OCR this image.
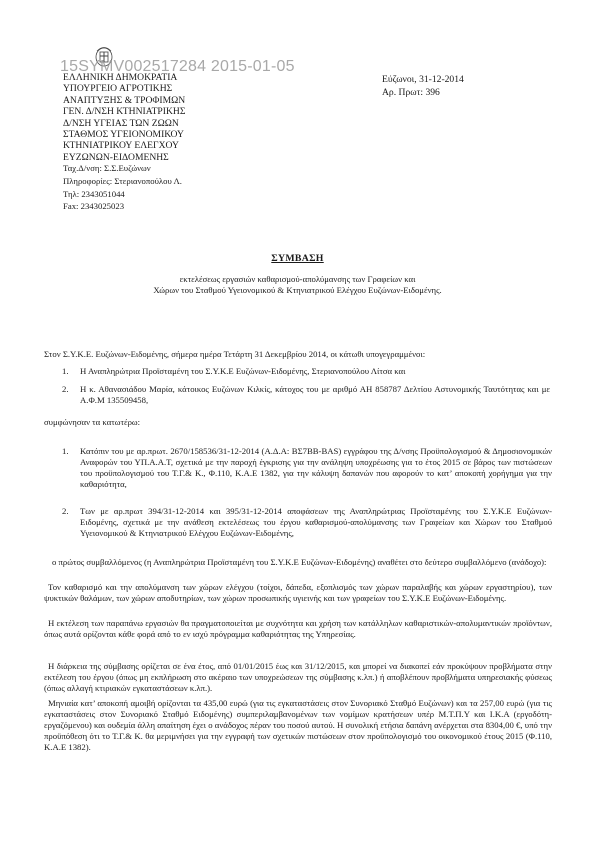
15SYMV002517284 2015-01-05
ΕΛΛΗΝΙΚΗ ΔΗΜΟΚΡΑΤΙΑ
ΥΠΟΥΡΓΕΙΟ ΑΓΡΟΤΙΚΗΣ
ΑΝΑΠΤΥΞΗΣ & ΤΡΟΦΙΜΩΝ
ΓΕΝ. Δ/ΝΣΗ ΚΤΗΝΙΑΤΡΙΚΗΣ
Δ/ΝΣΗ ΥΓΕΙΑΣ ΤΩΝ ΖΩΩΝ
ΣΤΑΘΜΟΣ ΥΓΕΙΟΝΟΜΙΚΟΥ
ΚΤΗΝΙΑΤΡΙΚΟΥ ΕΛΕΓΧΟΥ
ΕΥΖΩΝΩΝ-ΕΙΔΟΜΕΝΗΣ
Ταχ.Δ/νση: Σ.Σ.Ευζώνων
Πληροφορίες: Στεριανοπούλου Λ.
Τηλ: 2343051044
Fax: 2343025023
Εύζωνοι, 31-12-2014
Αρ. Πρωτ: 396
ΣΥΜΒΑΣΗ
εκτελέσεως εργασιών καθαρισμού-απολύμανσης των Γραφείων και
Χώρων του Σταθμού Υγειονομικού & Κτηνιατρικού Ελέγχου Ευζώνων-Ειδομένης.
Στον Σ.Υ.Κ.Ε. Ευζώνων-Ειδομένης, σήμερα ημέρα Τετάρτη 31 Δεκεμβρίου 2014, οι κάτωθι υπογεγραμμένοι:
1.	Η Αναπληρώτρια Προϊσταμένη του Σ.Υ.Κ.Ε Ευζώνων-Ειδομένης, Στεριανοπούλου Λίτσα και
2.	Η κ. Αθανασιάδου Μαρία, κάτοικος Ευζώνων Κιλκίς, κάτοχος του με αριθμό ΑΗ 858787 Δελτίου Αστυνομικής Ταυτότητας και με Α.Φ.Μ 135509458,
συμφώνησαν τα κατωτέρω:
1.	Κατόπιν του με αρ.πρωτ. 2670/158536/31-12-2014 (Α.Δ.Α: ΒΣ7ΒΒ-ΒΑS) εγγράφου της Δ/νσης Προϋπολογισμού & Δημοσιονομικών Αναφορών του ΥΠ.Α.Α.Τ, σχετικά με την παροχή έγκρισης για την ανάληψη υποχρέωσης για το έτος 2015 σε βάρος των πιστώσεων του προϋπολογισμού του Τ.Γ.& Κ., Φ.110, Κ.Α.Ε 1382, για την κάλυψη δαπανών που αφορούν το κατ’ αποκοπή χορήγημα για την καθαριότητα,
2.	Των με αρ.πρωτ 394/31-12-2014 και 395/31-12-2014 αποφάσεων της Αναπληρώτριας Προϊσταμένης του Σ.Υ.Κ.Ε Ευζώνων-Ειδομένης, σχετικά με την ανάθεση εκτελέσεως του έργου καθαρισμού-απολύμανσης των Γραφείων και Χώρων του Σταθμού Υγειονομικού & Κτηνιατρικού Ελέγχου Ευζώνων-Ειδομένης,
ο πρώτος συμβαλλόμενος (η Αναπληρώτρια Προϊσταμένη του Σ.Υ.Κ.Ε Ευζώνων-Ειδομένης) αναθέτει στο δεύτερο συμβαλλόμενο (ανάδοχο):
Τον καθαρισμό και την απολύμανση των χώρων ελέγχου (τοίχοι, δάπεδα, εξοπλισμός των χώρων παραλαβής και χώρων εργαστηρίου), των ψυκτικών θαλάμων, των χώρων αποδυτηρίων, των χώρων προσωπικής υγιεινής και των γραφείων του Σ.Υ.Κ.Ε Ευζώνων-Ειδομένης.
Η εκτέλεση των παραπάνω εργασιών θα πραγματοποιείται με συχνότητα και χρήση των κατάλληλων καθαριστικών-απολυμαντικών προϊόντων, όπως αυτά ορίζονται κάθε φορά από το εν ισχύ πρόγραμμα καθαριότητας της Υπηρεσίας.
Η διάρκεια της σύμβασης ορίζεται σε ένα έτος, από 01/01/2015 έως και 31/12/2015, και μπορεί να διακοπεί εάν προκύψουν προβλήματα στην εκτέλεση του έργου (όπως μη εκπλήρωση στο ακέραιο των υποχρεώσεων της σύμβασης κ.λπ.) ή αποβλέπουν προβλήματα υπηρεσιακής φύσεως (όπως αλλαγή κτιριακών εγκαταστάσεων κ.λπ.).
Μηνιαία κατ’ αποκοπή αμοιβή ορίζονται τα 435,00 ευρώ (για τις εγκαταστάσεις στον Συνοριακό Σταθμό Ευζώνων) και τα 257,00 ευρώ (για τις εγκαταστάσεις στον Συνοριακό Σταθμό Ειδομένης) συμπεριλαμβανομένων των νομίμων κρατήσεων υπέρ Μ.Τ.Π.Υ και Ι.Κ.Α (εργοδότη-εργαζόμενου) και ουδεμία άλλη απαίτηση έχει ο ανάδοχος πέραν του ποσού αυτού. Η συνολική ετήσια δαπάνη ανέρχεται στα 8304,00 €, υπό την προϋπόθεση ότι το Τ.Γ.& Κ. θα μεριμνήσει για την εγγραφή των σχετικών πιστώσεων στον προϋπολογισμό του οικονομικού έτους 2015 (Φ.110, Κ.Α.Ε 1382).
